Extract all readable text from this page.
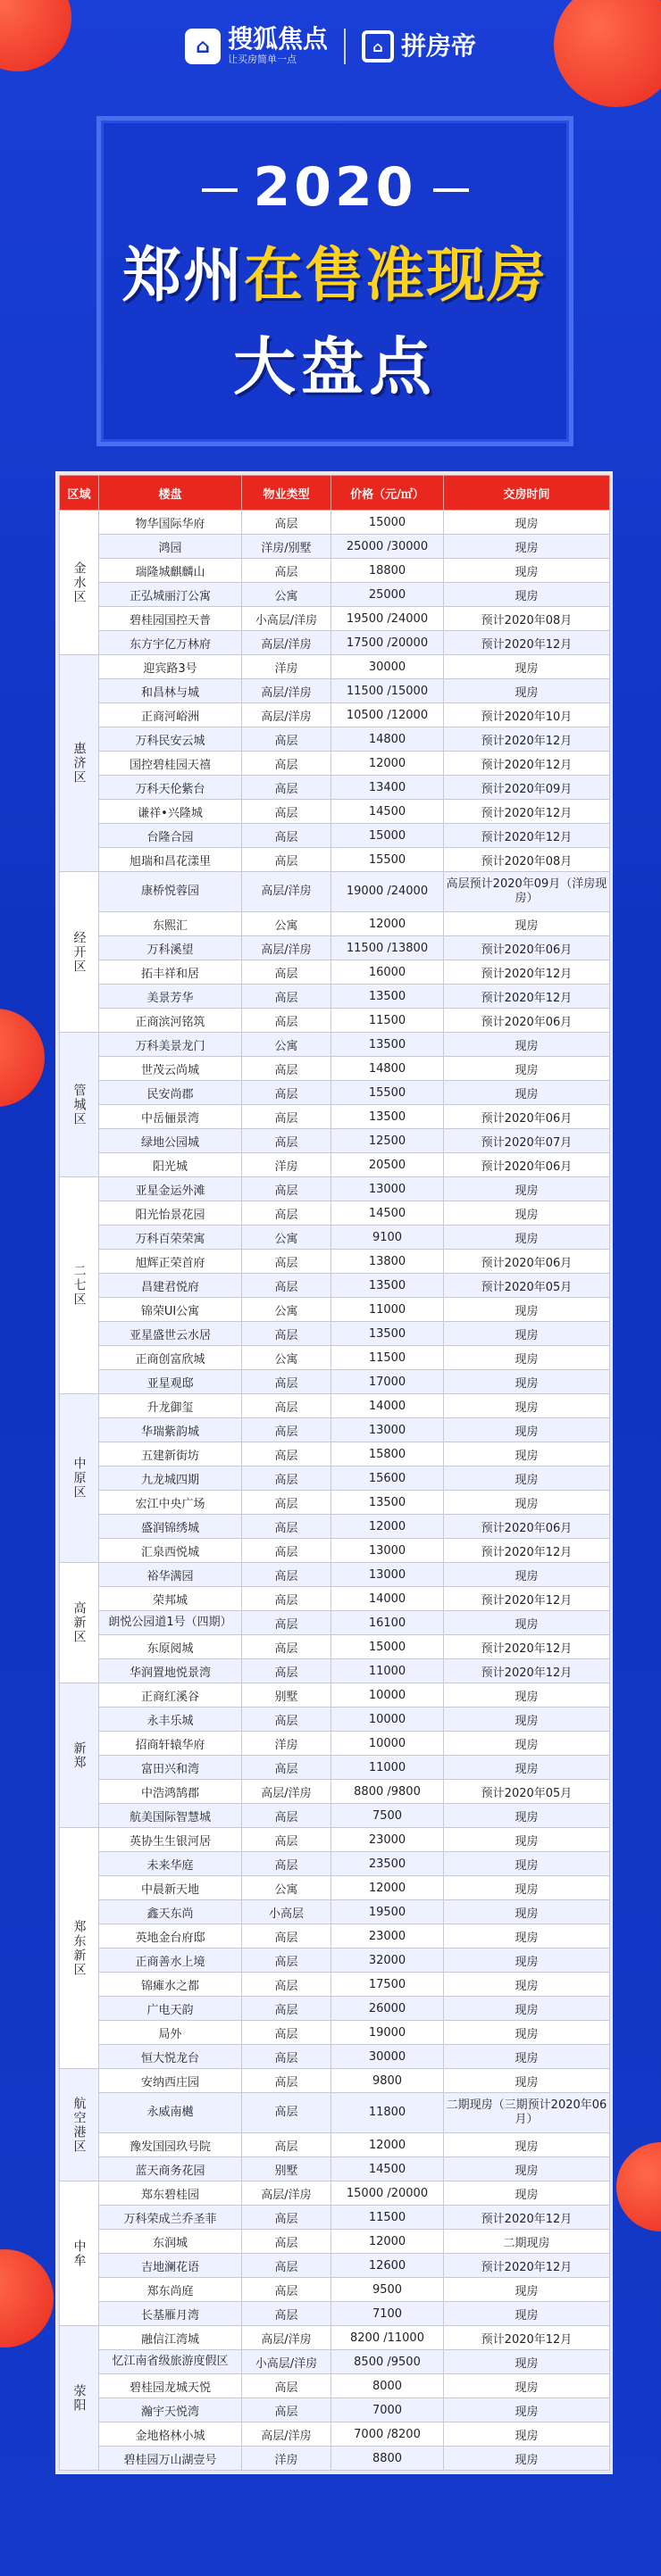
⌂ 搜狐焦点
让买房简单一点
⌂ 拼房帝
2020
郑州在售准现房
大盘点
区域	楼盘	物业类型	价格（元/㎡）	交房时间
金水区	物华国际华府	高层	15000	现房
	鸿园	洋房/别墅	25000 /30000	现房
	瑞隆城麒麟山	高层	18800	现房
	正弘城丽汀公寓	公寓	25000	现房
	碧桂园国控天普	小高层/洋房	19500 /24000	预计2020年08月
	东方宇亿万林府	高层/洋房	17500 /20000	预计2020年12月
惠济区	迎宾路3号	洋房	30000	现房
	和昌林与城	高层/洋房	11500 /15000	现房
	正商河峪洲	高层/洋房	10500 /12000	预计2020年10月
	万科民安云城	高层	14800	预计2020年12月
	国控碧桂园天禧	高层	12000	预计2020年12月
	万科天伦紫台	高层	13400	预计2020年09月
	谦祥•兴隆城	高层	14500	预计2020年12月
	台隆合园	高层	15000	预计2020年12月
	旭瑞和昌花漾里	高层	15500	预计2020年08月
经开区	康桥悦蓉园	高层/洋房	19000 /24000	高层预计2020年09月（洋房现房）
	东熙汇	公寓	12000	现房
	万科溪望	高层/洋房	11500 /13800	预计2020年06月
	拓丰祥和居	高层	16000	预计2020年12月
	美景芳华	高层	13500	预计2020年12月
	正商滨河铭筑	高层	11500	预计2020年06月
管城区	万科美景龙门	公寓	13500	现房
	世茂云尚城	高层	14800	现房
	民安尚郡	高层	15500	现房
	中岳俪景湾	高层	13500	预计2020年06月
	绿地公园城	高层	12500	预计2020年07月
	阳光城	洋房	20500	预计2020年06月
二七区	亚星金运外滩	高层	13000	现房
	阳光怡景花园	高层	14500	现房
	万科百荣荣寓	公寓	9100	现房
	旭辉正荣首府	高层	13800	预计2020年06月
	昌建君悦府	高层	13500	预计2020年05月
	锦荣UI公寓	公寓	11000	现房
	亚星盛世云水居	高层	13500	现房
	正商创富欣城	公寓	11500	现房
	亚星观邸	高层	17000	现房
中原区	升龙御玺	高层	14000	现房
	华瑞紫韵城	高层	13000	现房
	五建新街坊	高层	15800	现房
	九龙城四期	高层	15600	现房
	宏江中央广场	高层	13500	现房
	盛润锦绣城	高层	12000	预计2020年06月
	汇泉西悦城	高层	13000	预计2020年12月
高新区	裕华满园	高层	13000	现房
	荣邦城	高层	14000	预计2020年12月
	朗悦公园道1号（四期）	高层	16100	现房
	东原阅城	高层	15000	预计2020年12月
	华润置地悦景湾	高层	11000	预计2020年12月
新郑	正商红溪谷	别墅	10000	现房
	永丰乐城	高层	10000	现房
	招商轩辕华府	洋房	10000	现房
	富田兴和湾	高层	11000	现房
	中浩鸿鹄郡	高层/洋房	8800 /9800	预计2020年05月
	航美国际智慧城	高层	7500	现房
郑东新区	英协生生银河居	高层	23000	现房
	未来华庭	高层	23500	现房
	中晨新天地	公寓	12000	现房
	鑫天东尚	小高层	19500	现房
	英地金台府邸	高层	23000	现房
	正商善水上境	高层	32000	现房
	锦瘫水之都	高层	17500	现房
	广电天韵	高层	26000	现房
	局外	高层	19000	现房
	恒大悦龙台	高层	30000	现房
航空港区	安纳西庄园	高层	9800	现房
	永威南樾	高层	11800	二期现房（三期预计2020年06月）
	豫发国园玖号院	高层	12000	现房
	蓝天商务花园	别墅	14500	现房
中牟	郑东碧桂园	高层/洋房	15000 /20000	现房
	万科荣成兰乔圣菲	高层	11500	预计2020年12月
	东润城	高层	12000	二期现房
	吉地澜花语	高层	12600	预计2020年12月
	郑东尚庭	高层	9500	现房
	长基雁月湾	高层	7100	现房
荥阳	融信江湾城	高层/洋房	8200 /11000	预计2020年12月
	忆江南省级旅游度假区	小高层/洋房	8500 /9500	现房
	碧桂园龙城天悦	高层	8000	现房
	瀚宇天悦湾	高层	7000	现房
	金地格林小城	高层/洋房	7000 /8200	现房
	碧桂园万山湖壹号	洋房	8800	现房
